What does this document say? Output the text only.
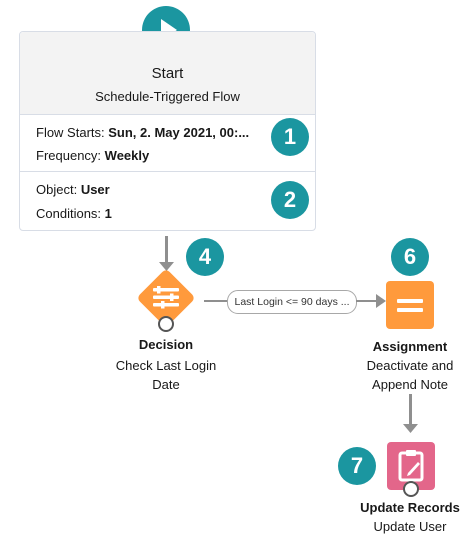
Start
Schedule-Triggered Flow
Flow Starts: Sun, 2. May 2021, 00:...
Frequency: Weekly
Object: User
Conditions: 1
1
2
4
Decision
Check Last Login
Date
Last Login <= 90 days ...
6
Assignment
Deactivate and
Append Note
7
Update Records
Update User
